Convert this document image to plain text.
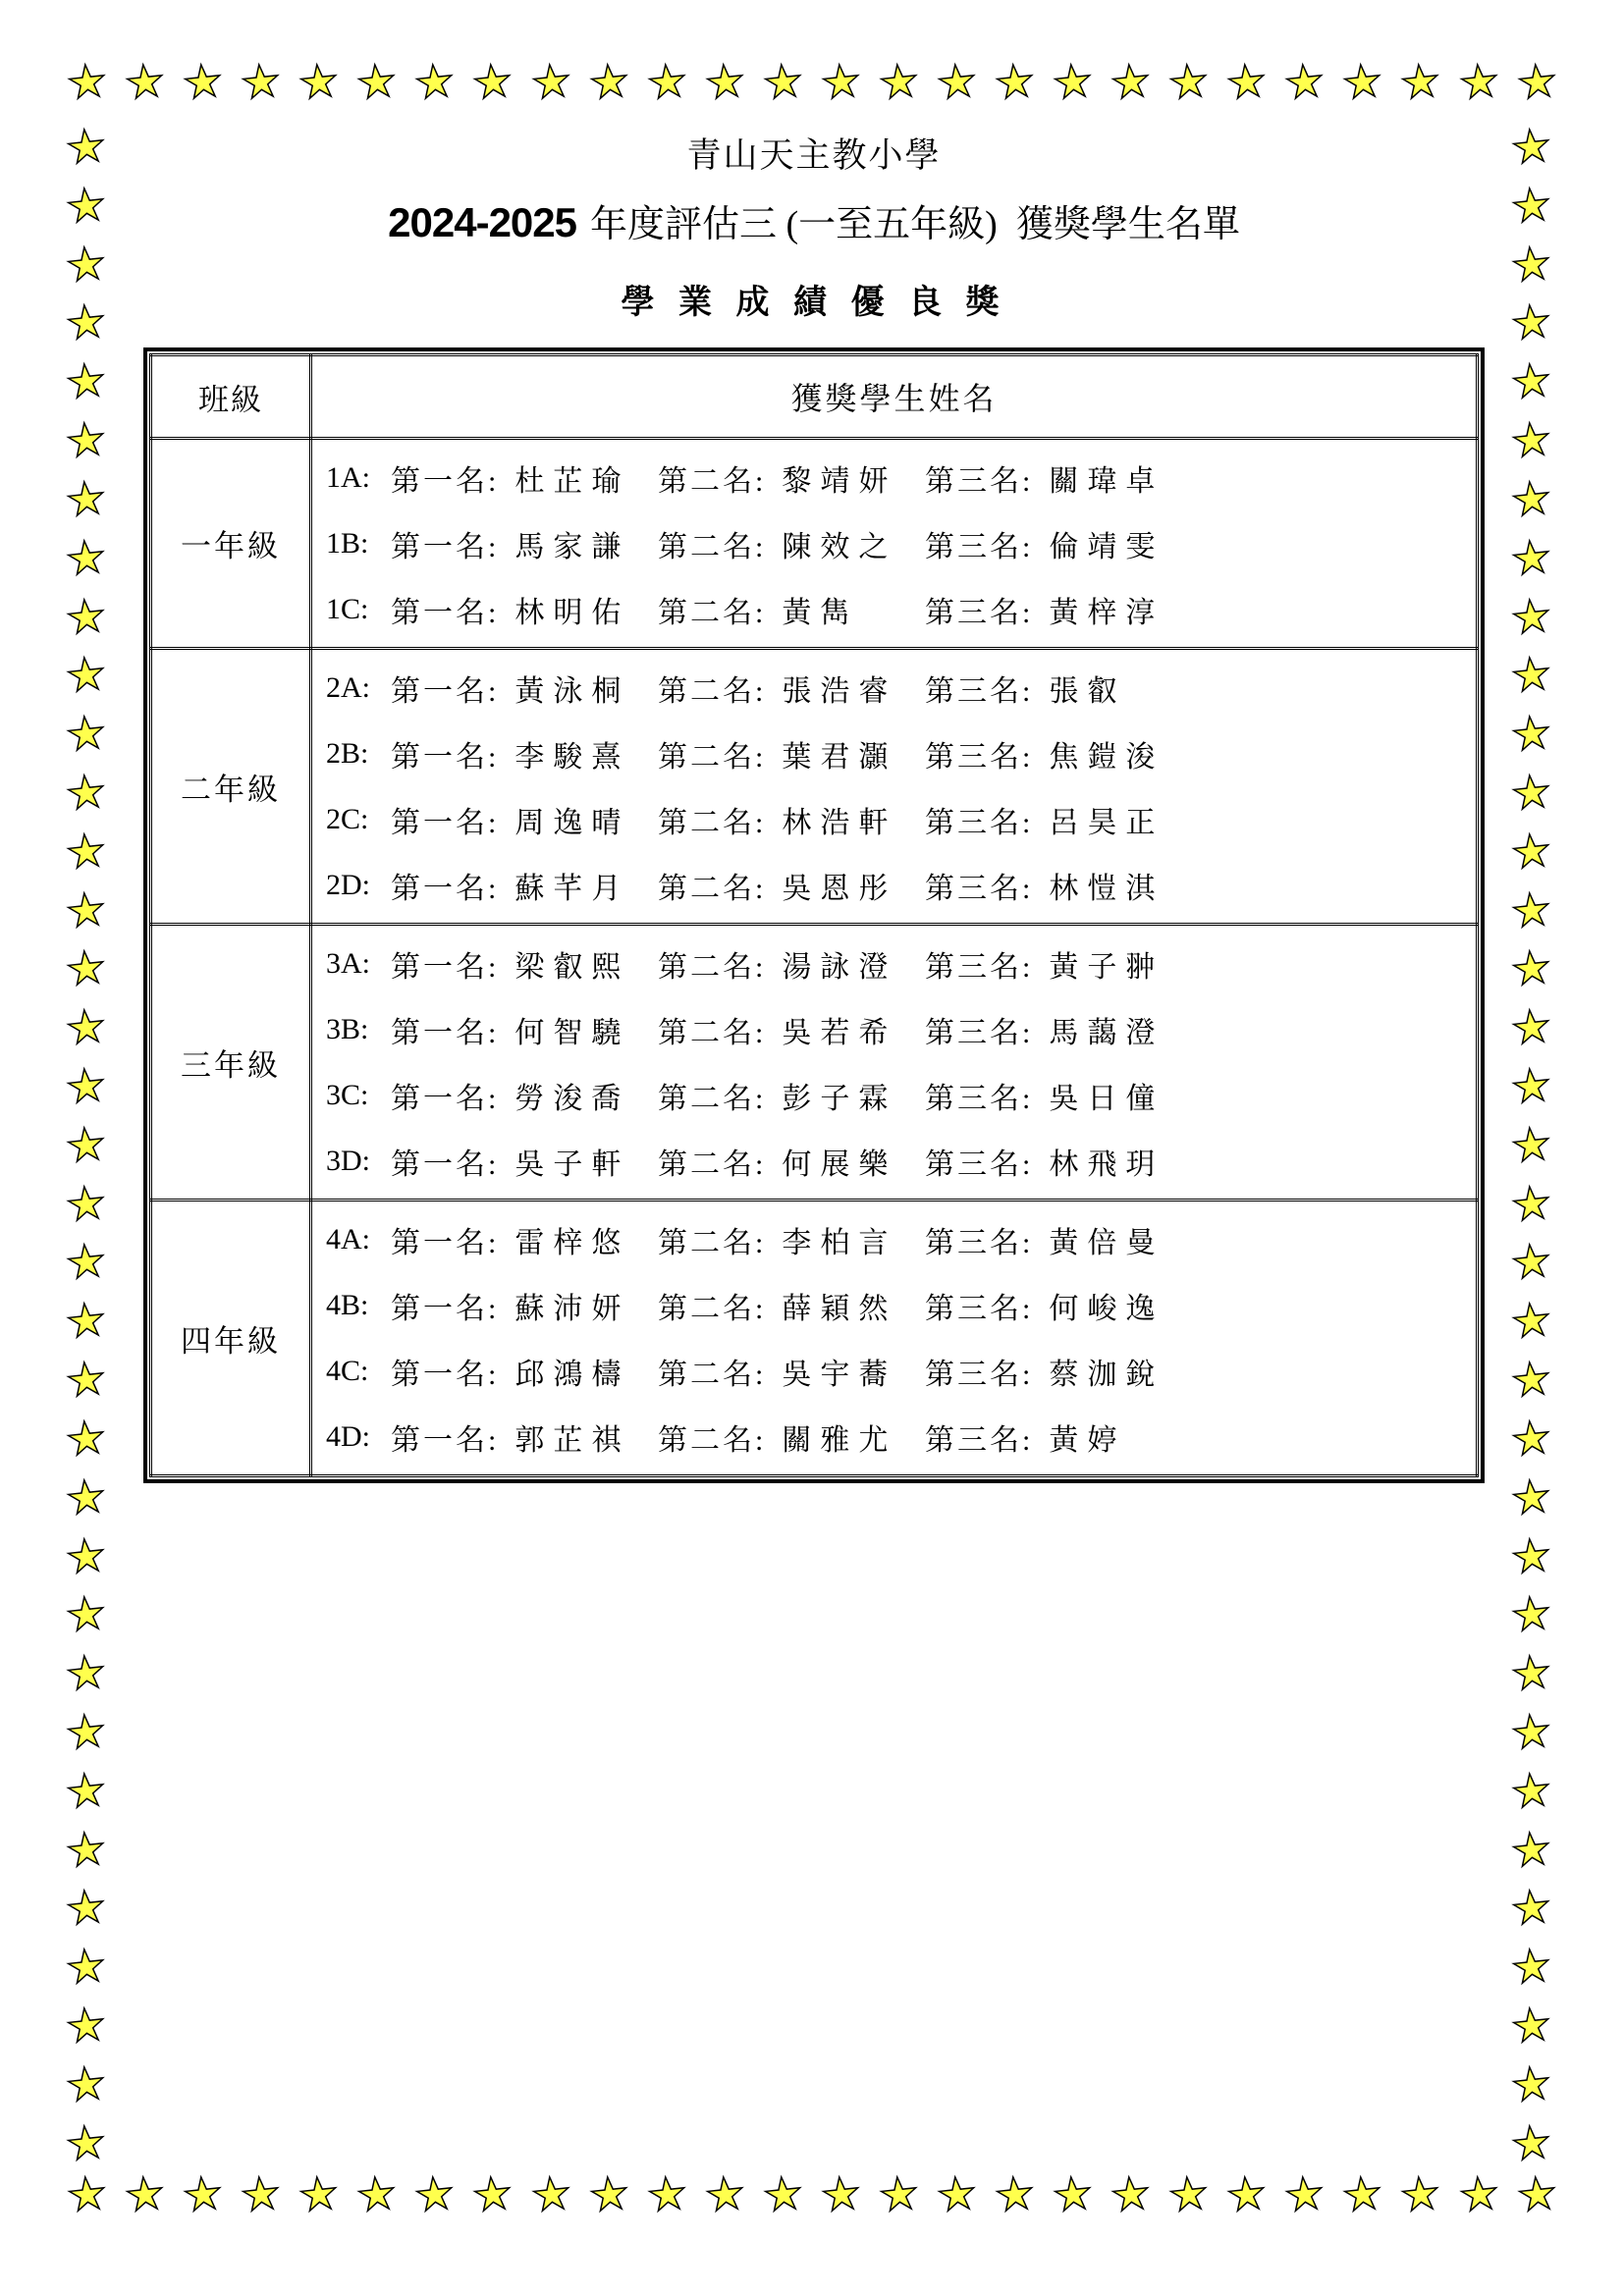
★ ★ ★ ★ ★ ★ ★ ★ ★ ★ ★ ★ ★ ★ ★ ★ ★ ★ ★ ★ ★ ★ ★ ★ ★ ★
★
★
★
★
★
★
★
★
★
★
★
★
★
★
★
★
★
★
★
★
★
★
★
★
★
★
★
★
★
★
★
★
★
★
★
★
★
★
★
★
★
★
★
★
★
★
★
★
★
★
★
★
★
★
★
★
★
★
★
★
★
★
★
★
★
★
★
★
★
★
★ ★ ★ ★ ★ ★ ★ ★ ★ ★ ★ ★ ★ ★ ★ ★ ★ ★ ★ ★ ★ ★ ★ ★ ★ ★
青山天主教小學
2024-2025 年度評估三 (一至五年級)  獲獎學生名單
學 業 成 績 優 良 獎
班級	獲獎學生姓名
一年級	
1A: 第一名: 杜芷瑜 第二名: 黎靖妍 第三名: 關瑋卓
1B: 第一名: 馬家謙 第二名: 陳效之 第三名: 倫靖雯
1C: 第一名: 林明佑 第二名: 黃雋 第三名: 黃梓淳

二年級	
2A: 第一名: 黃泳桐 第二名: 張浩睿 第三名: 張叡
2B: 第一名: 李駿熹 第二名: 葉君灝 第三名: 焦鎧浚
2C: 第一名: 周逸晴 第二名: 林浩軒 第三名: 呂昊正
2D: 第一名: 蘇芊月 第二名: 吳恩彤 第三名: 林愷淇

三年級	
3A: 第一名: 梁叡熙 第二名: 湯詠澄 第三名: 黃子翀
3B: 第一名: 何智驍 第二名: 吳若希 第三名: 馬藹澄
3C: 第一名: 勞浚喬 第二名: 彭子霖 第三名: 吳日僮
3D: 第一名: 吳子軒 第二名: 何展樂 第三名: 林飛玥

四年級	
4A: 第一名: 雷梓悠 第二名: 李柏言 第三名: 黃倍曼
4B: 第一名: 蘇沛妍 第二名: 薛穎然 第三名: 何峻逸
4C: 第一名: 邱鴻檮 第二名: 吳宇蕎 第三名: 蔡泇銳
4D: 第一名: 郭芷祺 第二名: 關雅尤 第三名: 黃婷
